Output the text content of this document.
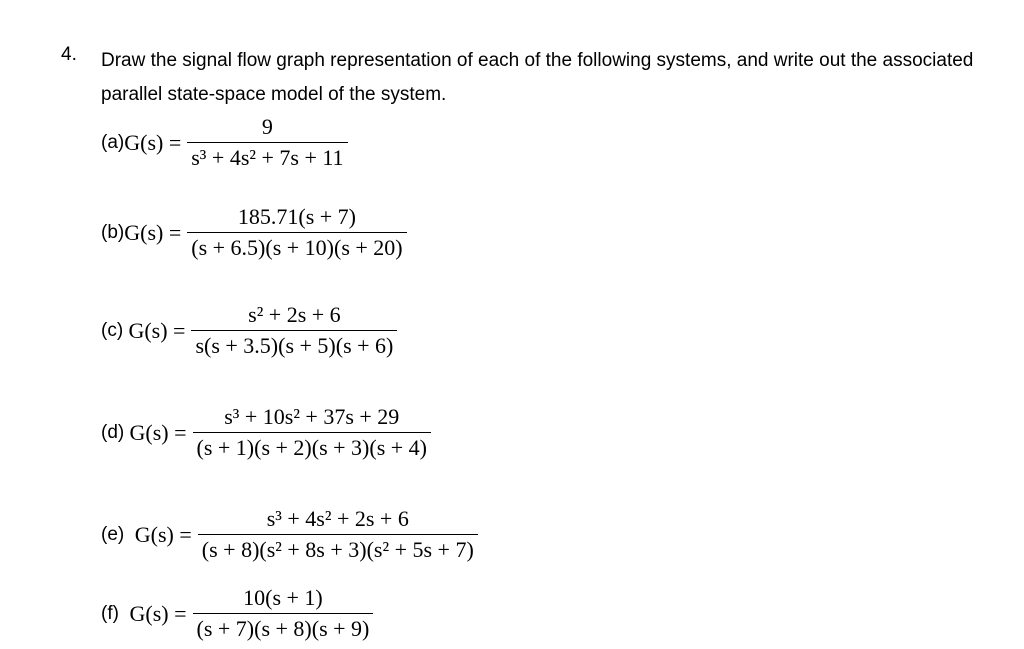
4. Draw the signal flow graph representation of each of the following systems, and write out the associated parallel state-space model of the system.
(a) $G(s) = \frac{9}{\text{s³ + 4s² + 7s + 11}}$
(b) $G(s) = \frac{185.71(s + 7)}{(s + 6.5)(s + 10)(s + 20)}$
(c) $G(s) = \frac{\text{s² + 2s + 6}}{s(s + 3.5)(s + 5)(s + 6)}$
(d) $G(s) = \frac{\text{s³ + 10s² + 37s + 29}}{(s + 1)(s + 2)(s + 3)(s + 4)}$
(e) $G(s) = \frac{\text{s³ + 4s² + 2s + 6}}{\text{(s + 8)(s² + 8s + 3)(s² + 5s + 7)}}$
(f) $G(s) = \frac{10(s + 1)}{(s + 7)(s + 8)(s + 9)}$
